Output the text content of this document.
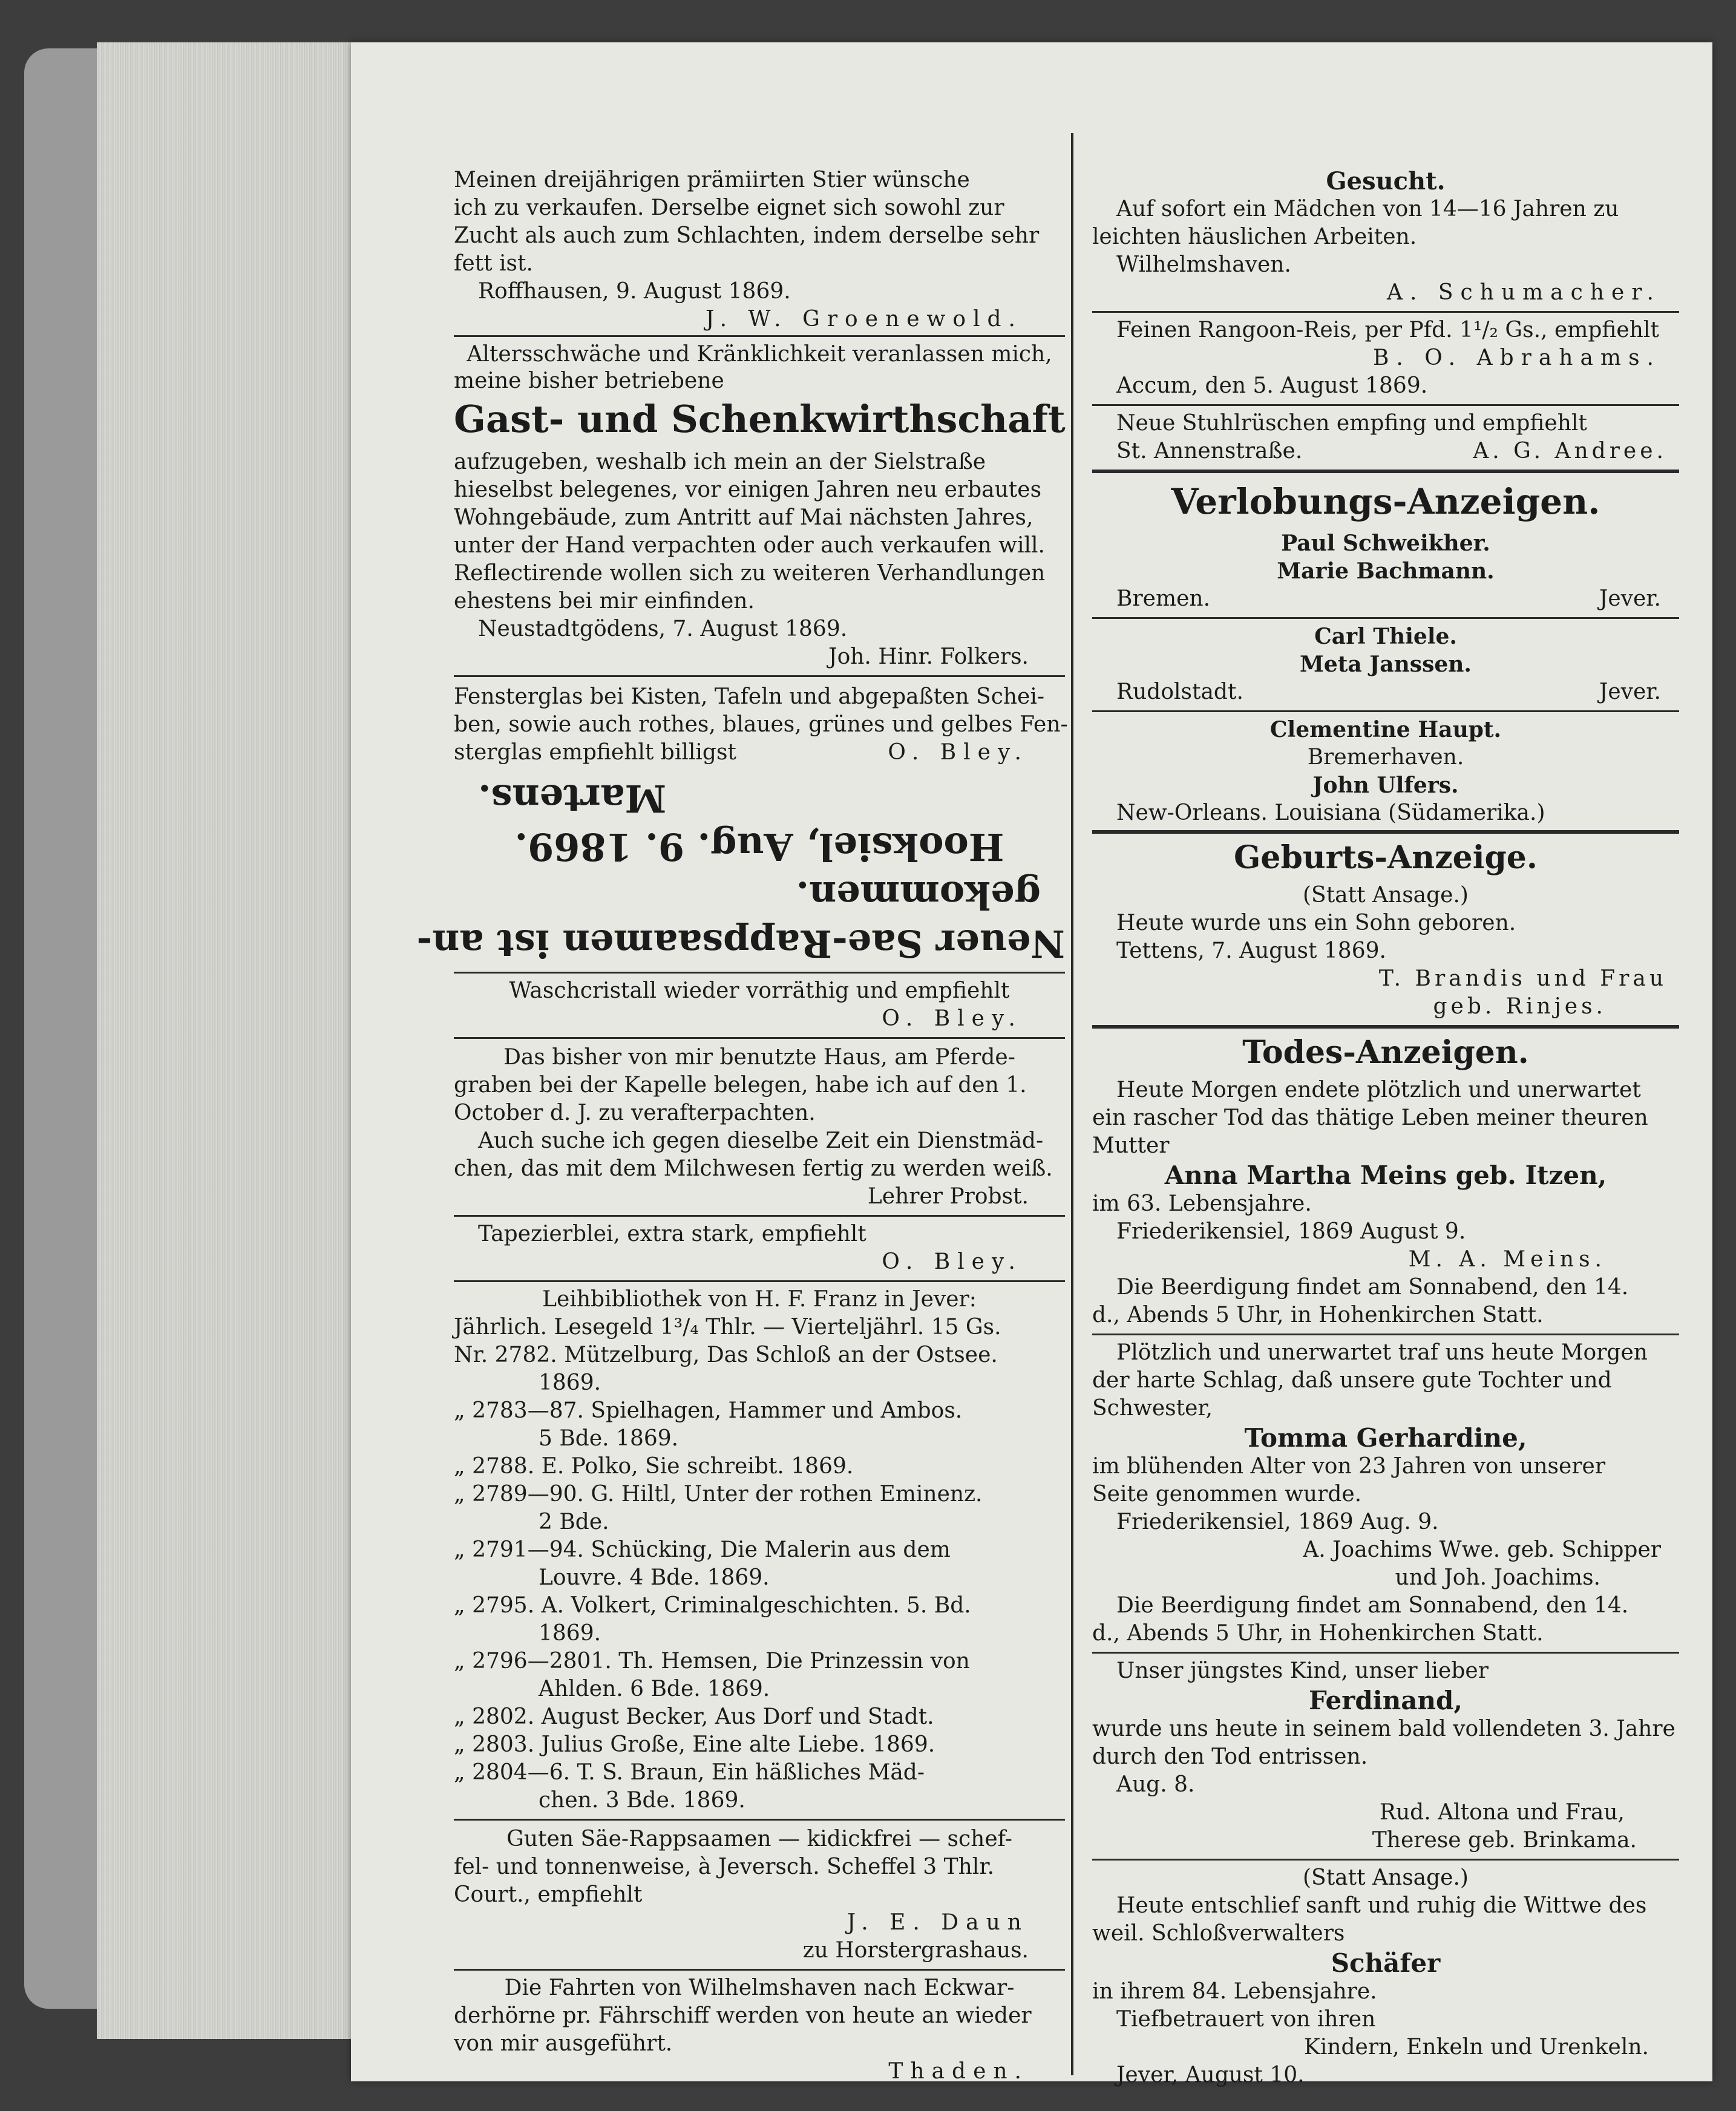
Meinen dreijährigen prämiirten Stier wünsche
ich zu verkaufen. Derselbe eignet sich sowohl zur
Zucht als auch zum Schlachten, indem derselbe sehr
fett ist.
Roffhausen, 9. August 1869.
J. W. Groenewold.
Altersschwäche und Kränklichkeit veranlassen mich,
meine bisher betriebene
Gast- und Schenkwirthschaft
aufzugeben, weshalb ich mein an der Sielstraße
hieselbst belegenes, vor einigen Jahren neu erbautes
Wohngebäude, zum Antritt auf Mai nächsten Jahres,
unter der Hand verpachten oder auch verkaufen will.
Reflectirende wollen sich zu weiteren Verhandlungen
ehestens bei mir einfinden.
Neustadtgödens, 7. August 1869.
Joh. Hinr. Folkers.
Fensterglas bei Kisten, Tafeln und abgepaßten Schei-
ben, sowie auch rothes, blaues, grünes und gelbes Fen-
sterglas empfiehlt billigst	O. Bley.
Neuer Sae-Rappsaamen ist an-
gekommen.
Hooksiel, Aug. 9. 1869.
Martens.
Waschcristall wieder vorräthig und empfiehlt
O. Bley.
Das bisher von mir benutzte Haus, am Pferde-
graben bei der Kapelle belegen, habe ich auf den 1.
October d. J. zu verafterpachten.
Auch suche ich gegen dieselbe Zeit ein Dienstmäd-
chen, das mit dem Milchwesen fertig zu werden weiß.
Lehrer Probst.
Tapezierblei, extra stark, empfiehlt
O. Bley.
Leihbibliothek von H. F. Franz in Jever:
Jährlich. Lesegeld 1³/₄ Thlr. — Vierteljährl. 15 Gs.
Nr. 2782. Mützelburg, Das Schloß an der Ostsee.
1869.
„ 2783—87. Spielhagen, Hammer und Ambos.
5 Bde. 1869.
„ 2788. E. Polko, Sie schreibt. 1869.
„ 2789—90. G. Hiltl, Unter der rothen Eminenz.
2 Bde.
„ 2791—94. Schücking, Die Malerin aus dem
Louvre. 4 Bde. 1869.
„ 2795. A. Volkert, Criminalgeschichten. 5. Bd.
1869.
„ 2796—2801. Th. Hemsen, Die Prinzessin von
Ahlden. 6 Bde. 1869.
„ 2802. August Becker, Aus Dorf und Stadt.
„ 2803. Julius Große, Eine alte Liebe. 1869.
„ 2804—6. T. S. Braun, Ein häßliches Mäd-
chen. 3 Bde. 1869.
Guten Säe-Rappsaamen — kidickfrei — schef-
fel- und tonnenweise, à Jeversch. Scheffel 3 Thlr.
Court., empfiehlt
J. E. Daun
zu Horstergrashaus.
Die Fahrten von Wilhelmshaven nach Eckwar-
derhörne pr. Fährschiff werden von heute an wieder
von mir ausgeführt.
Thaden.
Gesucht.
Auf sofort ein Mädchen von 14—16 Jahren zu
leichten häuslichen Arbeiten.
Wilhelmshaven.
A. Schumacher.
Feinen Rangoon-Reis, per Pfd. 1¹/₂ Gs., empfiehlt
B. O. Abrahams.
Accum, den 5. August 1869.
Neue Stuhlrüschen empfing und empfiehlt
St. Annenstraße.	A. G. Andree.
Verlobungs-Anzeigen.
Paul Schweikher.
Marie Bachmann.
Bremen.	Jever.
Carl Thiele.
Meta Janssen.
Rudolstadt.	Jever.
Clementine Haupt.
Bremerhaven.
John Ulfers.
New-Orleans. Louisiana (Südamerika.)
Geburts-Anzeige.
(Statt Ansage.)
Heute wurde uns ein Sohn geboren.
Tettens, 7. August 1869.
T. Brandis und Frau
geb. Rinjes.
Todes-Anzeigen.
Heute Morgen endete plötzlich und unerwartet
ein rascher Tod das thätige Leben meiner theuren
Mutter
Anna Martha Meins geb. Itzen,
im 63. Lebensjahre.
Friederikensiel, 1869 August 9.
M. A. Meins.
Die Beerdigung findet am Sonnabend, den 14.
d., Abends 5 Uhr, in Hohenkirchen Statt.
Plötzlich und unerwartet traf uns heute Morgen
der harte Schlag, daß unsere gute Tochter und
Schwester,
Tomma Gerhardine,
im blühenden Alter von 23 Jahren von unserer
Seite genommen wurde.
Friederikensiel, 1869 Aug. 9.
A. Joachims Wwe. geb. Schipper
und Joh. Joachims.
Die Beerdigung findet am Sonnabend, den 14.
d., Abends 5 Uhr, in Hohenkirchen Statt.
Unser jüngstes Kind, unser lieber
Ferdinand,
wurde uns heute in seinem bald vollendeten 3. Jahre
durch den Tod entrissen.
Aug. 8.
Rud. Altona und Frau,
Therese geb. Brinkama.
(Statt Ansage.)
Heute entschlief sanft und ruhig die Wittwe des
weil. Schloßverwalters
Schäfer
in ihrem 84. Lebensjahre.
Tiefbetrauert von ihren
Kindern, Enkeln und Urenkeln.
Jever, August 10.
